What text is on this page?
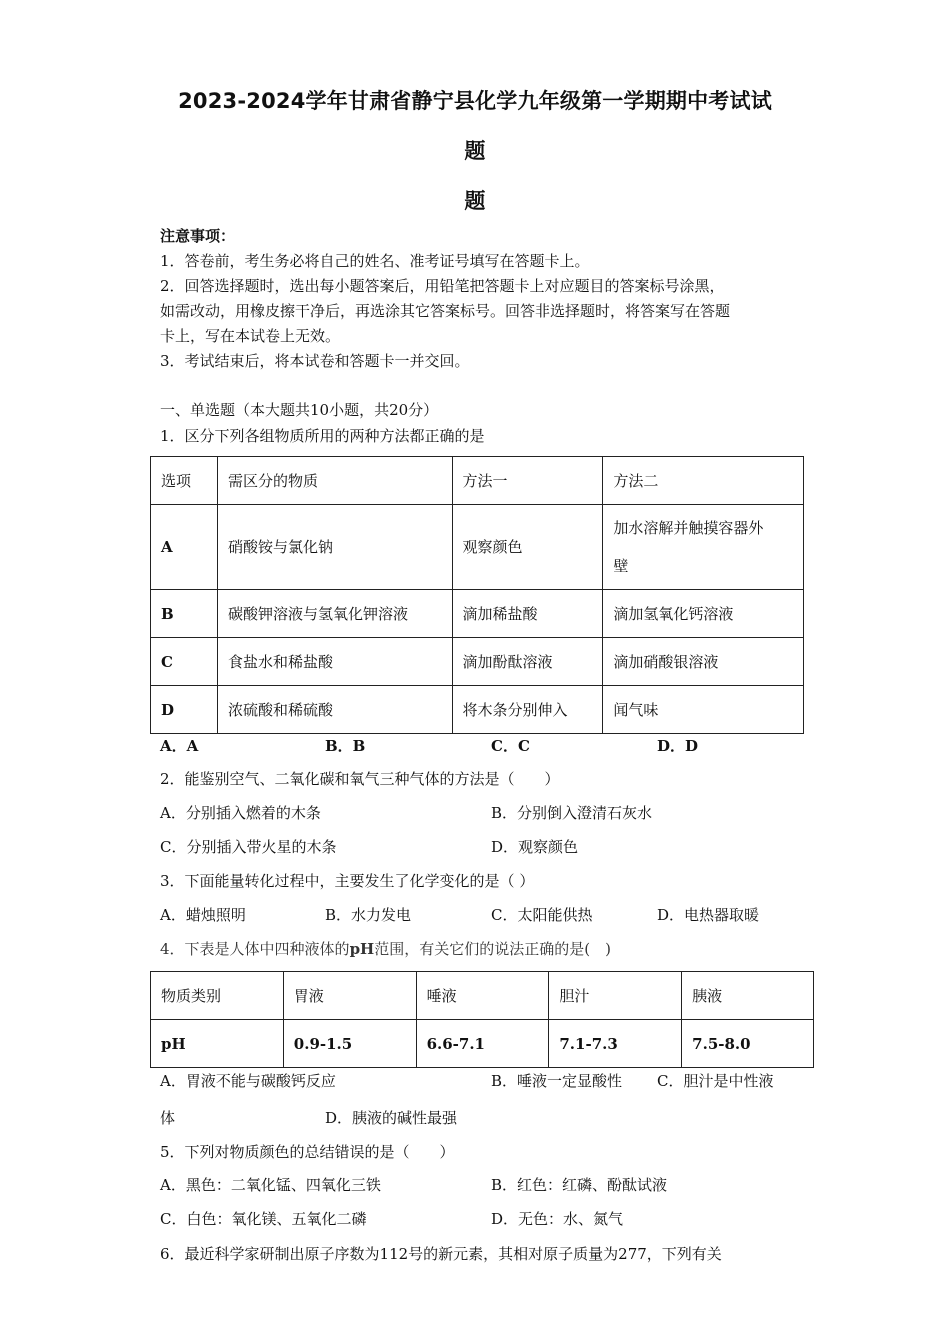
2023-2024学年甘肃省静宁县化学九年级第一学期期中考试试
题
题
注意事项：
1．答卷前，考生务必将自己的姓名、准考证号填写在答题卡上。
2．回答选择题时，选出每小题答案后，用铅笔把答题卡上对应题目的答案标号涂黑，
如需改动，用橡皮擦干净后，再选涂其它答案标号。回答非选择题时，将答案写在答题
卡上，写在本试卷上无效。
3．考试结束后，将本试卷和答题卡一并交回。
一、单选题（本大题共10小题，共20分）
1．区分下列各组物质所用的两种方法都正确的是
选项	需区分的物质	方法一	方法二
A	硝酸铵与氯化钠	观察颜色	加水溶解并触摸容器外
壁
B	碳酸钾溶液与氢氧化钾溶液	滴加稀盐酸	滴加氢氧化钙溶液
C	食盐水和稀盐酸	滴加酚酞溶液	滴加硝酸银溶液
D	浓硫酸和稀硫酸	将木条分别伸入	闻气味
A．A	B．B	C．C	D．D
2．能鉴别空气、二氧化碳和氧气三种气体的方法是（　　）
A．分别插入燃着的木条	B．分别倒入澄清石灰水
C．分别插入带火星的木条	D．观察颜色
3．下面能量转化过程中，主要发生了化学变化的是（ ）
A．蜡烛照明	B．水力发电	C．太阳能供热	D．电热器取暖
4．下表是人体中四种液体的pH范围，有关它们的说法正确的是(　)
物质类别	胃液	唾液	胆汁	胰液
pH	0.9-1.5	6.6-7.1	7.1-7.3	7.5-8.0
A．胃液不能与碳酸钙反应	B．唾液一定显酸性 C．胆汁是中性液
体	D．胰液的碱性最强
5．下列对物质颜色的总结错误的是（　　）
A．黑色：二氧化锰、四氧化三铁	B．红色：红磷、酚酞试液
C．白色：氧化镁、五氧化二磷	D．无色：水、氮气
6．最近科学家研制出原子序数为112号的新元素，其相对原子质量为277，下列有关
